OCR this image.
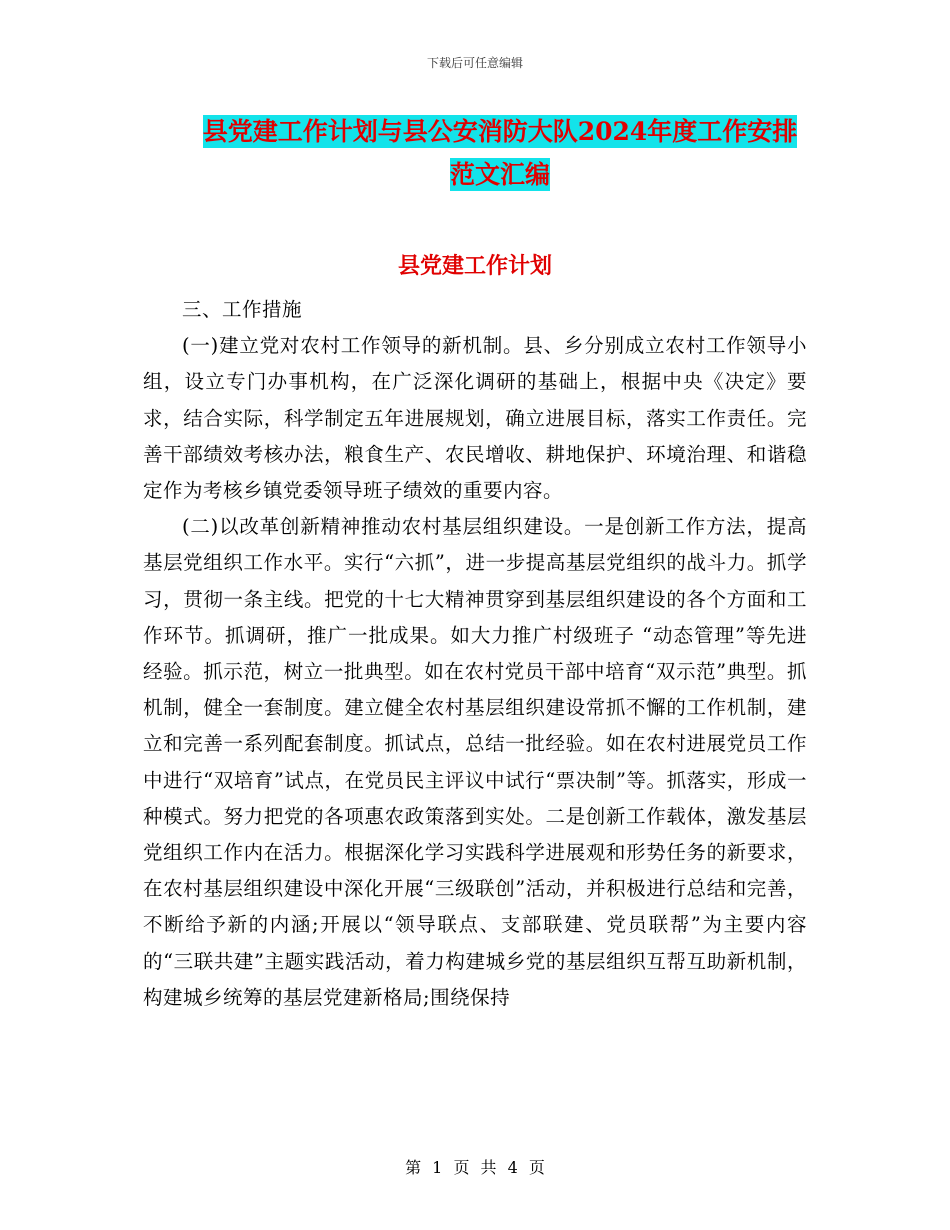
下载后可任意编辑
县党建工作计划与县公安消防大队2024年度工作安排
范文汇编
县党建工作计划

三、工作措施

(一)建立党对农村工作领导的新机制。县、乡分别成立农村工作领导小组，设立专门办事机构，在广泛深化调研的基础上，根据中央《决定》要求，结合实际，科学制定五年进展规划，确立进展目标，落实工作责任。完善干部绩效考核办法，粮食生产、农民增收、耕地保护、环境治理、和谐稳定作为考核乡镇党委领导班子绩效的重要内容。

(二)以改革创新精神推动农村基层组织建设。一是创新工作方法，提高基层党组织工作水平。实行“六抓”，进一步提高基层党组织的战斗力。抓学习，贯彻一条主线。把党的十七大精神贯穿到基层组织建设的各个方面和工作环节。抓调研，推广一批成果。如大力推广村级班子 “动态管理”等先进经验。抓示范，树立一批典型。如在农村党员干部中培育“双示范”典型。抓机制，健全一套制度。建立健全农村基层组织建设常抓不懈的工作机制，建立和完善一系列配套制度。抓试点，总结一批经验。如在农村进展党员工作中进行“双培育”试点，在党员民主评议中试行“票决制”等。抓落实，形成一种模式。努力把党的各项惠农政策落到实处。二是创新工作载体，激发基层党组织工作内在活力。根据深化学习实践科学进展观和形势任务的新要求，在农村基层组织建设中深化开展“三级联创”活动，并积极进行总结和完善，不断给予新的内涵;开展以“领导联点、支部联建、党员联帮”为主要内容的“三联共建”主题实践活动，着力构建城乡党的基层组织互帮互助新机制，构建城乡统筹的基层党建新格局;围绕保持

第 1 页 共 4 页
